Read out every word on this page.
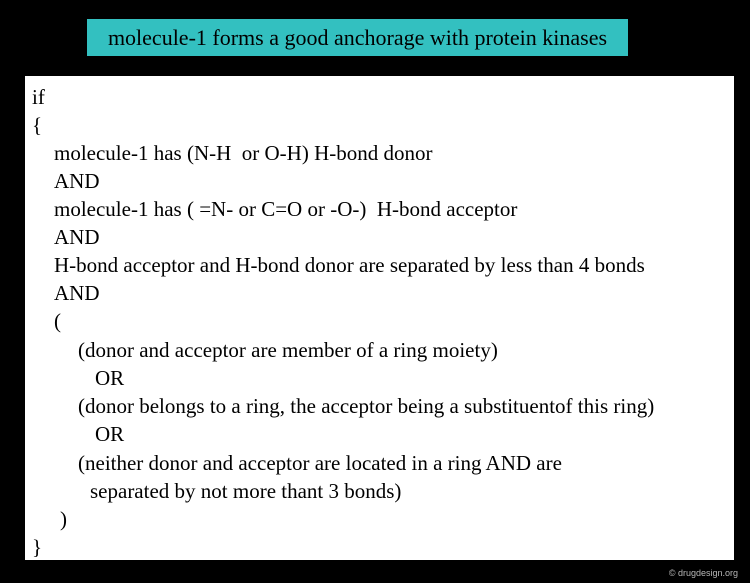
molecule-1 forms a good anchorage with protein kinases
if
{
molecule-1 has (N-H  or O-H) H-bond donor
AND
molecule-1 has ( =N- or C=O or -O-)  H-bond acceptor
AND
H-bond acceptor and H-bond donor are separated by less than 4 bonds
AND
(
(donor and acceptor are member of a ring moiety)
OR
(donor belongs to a ring, the acceptor being a substituentof this ring)
OR
(neither donor and acceptor are located in a ring AND are
separated by not more thant 3 bonds)
)
}
© drugdesign.org
